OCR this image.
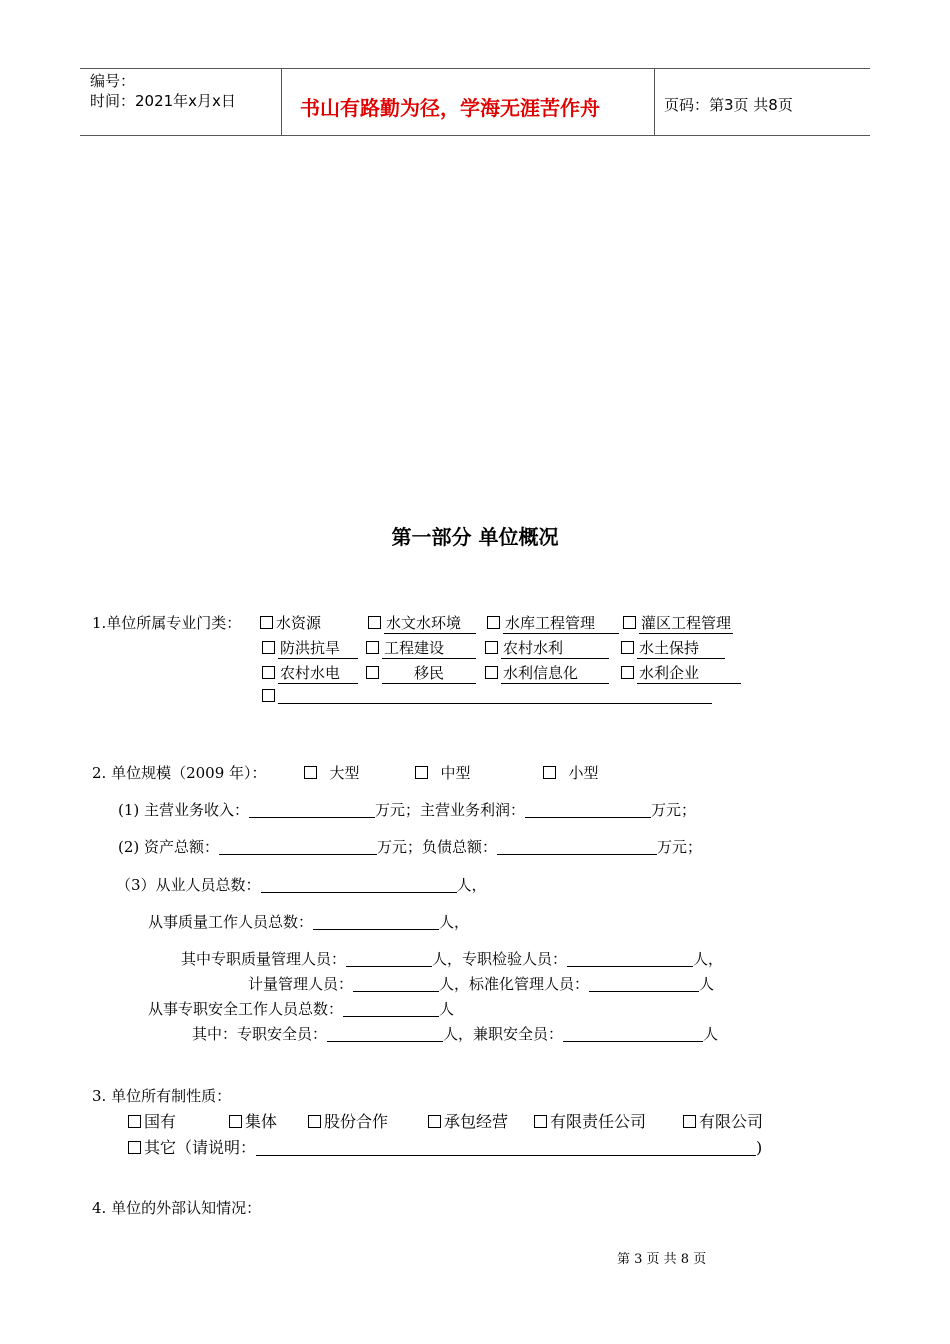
编号：
时间：2021年x月x日	书山有路勤为径，学海无涯苦作舟	页码：第3页 共8页
第一部分 单位概况
1.单位所属专业门类：	水资源	水文水环境	水库工程管理	灌区工程管理
防洪抗旱	工程建设	农村水利	水土保持
农村水电	移民	水利信息化	水利企业
2. 单位规模（2009 年）：	大型	中型	小型
(1) 主营业务收入：	万元；主营业务利润：	万元；
(2) 资产总额：	万元；负债总额：	万元；
（3）从业人员总数：	人，
从事质量工作人员总数：	人，
其中专职质量管理人员：	人，专职检验人员：	人，
计量管理人员：	人，标准化管理人员：	人
从事专职安全工作人员总数：	人
其中：专职安全员：	人，兼职安全员：	人
3. 单位所有制性质：
国有	集体	股份合作	承包经营	有限责任公司	有限公司
其它（请说明：	)
4. 单位的外部认知情况：
第 3 页 共 8 页
